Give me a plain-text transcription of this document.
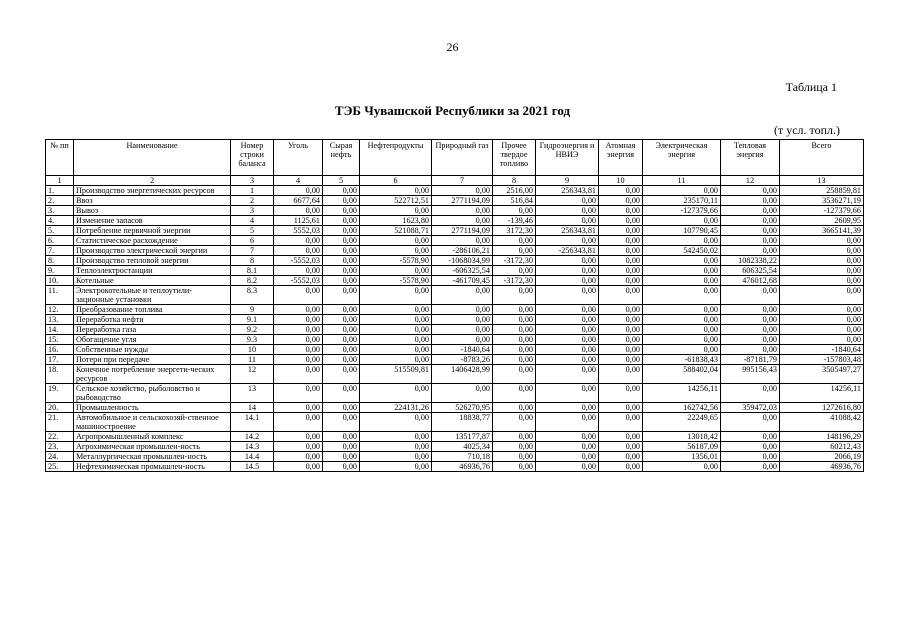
26
Таблица 1
ТЭБ Чувашской Республики за 2021 год
(т усл. топл.)
№ пп	Наименование	Номер строки баланса	Уголь	Сырая нефть	Нефтепродукты	Природный газ	Прочее твердое топливо	Гидроэнергия и НВИЭ	Атомная энергия	Электрическая энергия	Тепловая энергия	Всего
1	2	3	4	5	6	7	8	9	10	11	12	13
1.	Производство энергетических ресурсов	1	0,00	0,00	0,00	0,00	2516,00	256343,81	0,00	0,00	0,00	258859,81
2.	Ввоз	2	6677,64	0,00	522712,51	2771194,09	516,84	0,00	0,00	235170,11	0,00	3536271,19
3.	Вывоз	3	0,00	0,00	0,00	0,00	0,00	0,00	0,00	-127379,66	0,00	-127379,66
4.	Изменение запасов	4	1125,61	0,00	1623,80	0,00	-139,46	0,00	0,00	0,00	0,00	2609,95
5.	Потребление первичной энергии	5	5552,03	0,00	521088,71	2771194,09	3172,30	256343,81	0,00	107790,45	0,00	3665141,39
6.	Статистическое расхождение	6	0,00	0,00	0,00	0,00	0,00	0,00	0,00	0,00	0,00	0,00
7.	Производство электрической энергии	7	0,00	0,00	0,00	-286106,21	0,00	-256343,81	0,00	542450,02	0,00	0,00
8.	Производство тепловой энергии	8	-5552,03	0,00	-5578,90	-1068034,99	-3172,30	0,00	0,00	0,00	1082338,22	0,00
9.	Теплоэлектростанции	8.1	0,00	0,00	0,00	-606325,54	0,00	0,00	0,00	0,00	606325,54	0,00
10.	Котельные	8.2	-5552,03	0,00	-5578,90	-461709,45	-3172,30	0,00	0,00	0,00	476012,68	0,00
11.	Электрокотельные и теплоутили-зационные установки	8.3	0,00	0,00	0,00	0,00	0,00	0,00	0,00	0,00	0,00	0,00
12.	Преобразование топлива	9	0,00	0,00	0,00	0,00	0,00	0,00	0,00	0,00	0,00	0,00
13.	Переработка нефти	9.1	0,00	0,00	0,00	0,00	0,00	0,00	0,00	0,00	0,00	0,00
14.	Переработка газа	9.2	0,00	0,00	0,00	0,00	0,00	0,00	0,00	0,00	0,00	0,00
15.	Обогащение угля	9.3	0,00	0,00	0,00	0,00	0,00	0,00	0,00	0,00	0,00	0,00
16.	Собственные нужды	10	0,00	0,00	0,00	-1840,64	0,00	0,00	0,00	0,00	0,00	-1840,64
17.	Потери при передаче	11	0,00	0,00	0,00	-8783,26	0,00	0,00	0,00	-61838,43	-87181,79	-157803,48
18.	Конечное потребление энергети-ческих ресурсов	12	0,00	0,00	515509,81	1406428,99	0,00	0,00	0,00	588402,04	995156,43	3505497,27
19.	Сельское хозяйство, рыболовство и рыбоводство	13	0,00	0,00	0,00	0,00	0,00	0,00	0,00	14256,11	0,00	14256,11
20.	Промышленность	14	0,00	0,00	224131,26	526270,95	0,00	0,00	0,00	162742,56	359472,03	1272616,80
21.	Автомобильное и сельскохозяй-ственное машиностроение	14.1	0,00	0,00	0,00	18838,77	0,00	0,00	0,00	22249,65	0,00	41088,42
22.	Агропромышленный комплекс	14.2	0,00	0,00	0,00	135177,87	0,00	0,00	0,00	13018,42	0,00	148196,29
23.	Агрохимическая промышлен-ность	14.3	0,00	0,00	0,00	4025,34	0,00	0,00	0,00	56187,09	0,00	60212,43
24.	Металлургическая промышлен-ность	14.4	0,00	0,00	0,00	710,18	0,00	0,00	0,00	1356,01	0,00	2066,19
25.	Нефтехимическая промышлен-ность	14.5	0,00	0,00	0,00	46936,76	0,00	0,00	0,00	0,00	0,00	46936,76
